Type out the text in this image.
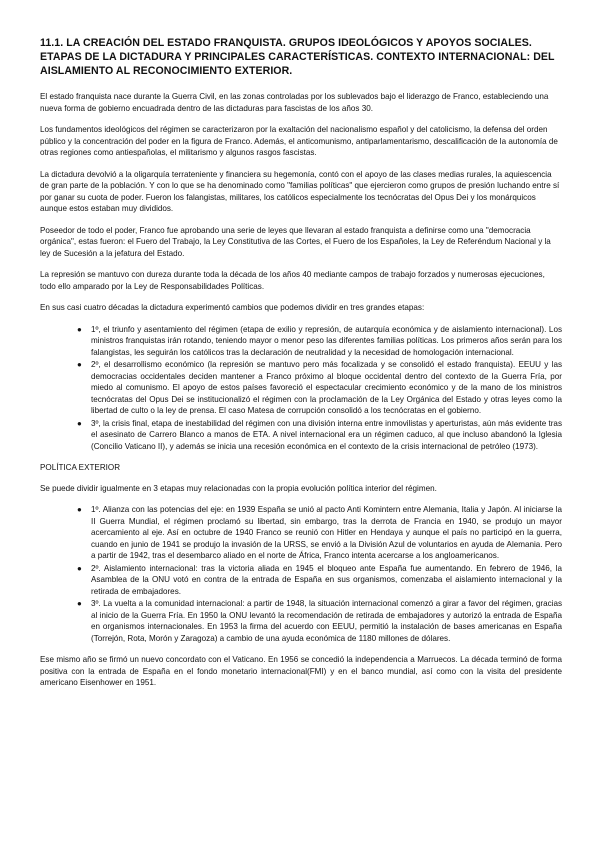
11.1. LA CREACIÓN DEL ESTADO FRANQUISTA. GRUPOS IDEOLÓGICOS Y APOYOS SOCIALES. ETAPAS DE LA DICTADURA Y PRINCIPALES CARACTERÍSTICAS. CONTEXTO INTERNACIONAL: DEL AISLAMIENTO AL RECONOCIMIENTO EXTERIOR.

El estado franquista nace durante la Guerra Civil, en las zonas controladas por los sublevados bajo el liderazgo de Franco, estableciendo una nueva forma de gobierno encuadrada dentro de las dictaduras para fascistas de los años 30.

Los fundamentos ideológicos del régimen se caracterizaron por la exaltación del nacionalismo español y del catolicismo, la defensa del orden público y la concentración del poder en la figura de Franco. Además, el anticomunismo, antiparlamentarismo, descalificación de la autonomía de otras regiones como antiespañolas, el militarismo y algunos rasgos fascistas.

La dictadura devolvió a la oligarquía terrateniente y financiera su hegemonía, contó con el apoyo de las clases medias rurales, la aquiescencia de gran parte de la población. Y con lo que se ha denominado como "familias políticas" que ejercieron como grupos de presión luchando entre sí por ganar su cuota de poder. Fueron los falangistas, militares, los católicos especialmente los tecnócratas del Opus Dei y los monárquicos aunque estos estaban muy divididos.

Poseedor de todo el poder, Franco fue aprobando una serie de leyes que llevaran al estado franquista a definirse como una "democracia orgánica", estas fueron: el Fuero del Trabajo, la Ley Constitutiva de las Cortes, el Fuero de los Españoles, la Ley de Referéndum Nacional y la ley de Sucesión a la jefatura del Estado.

La represión se mantuvo con dureza durante toda la década de los años 40 mediante campos de trabajo forzados y numerosas ejecuciones, todo ello amparado por la Ley de Responsabilidades Políticas.

En sus casi cuatro décadas la dictadura experimentó cambios que podemos dividir en tres grandes etapas:

● 1º, el triunfo y asentamiento del régimen (etapa de exilio y represión, de autarquía económica y de aislamiento internacional). Los ministros franquistas irán rotando, teniendo mayor o menor peso las diferentes familias políticas. Los primeros años serán para los falangistas, les seguirán los católicos tras la declaración de neutralidad y la necesidad de homologación internacional.
● 2º, el desarrollismo económico (la represión se mantuvo pero más focalizada y se consolidó el estado franquista). EEUU y las democracias occidentales deciden mantener a Franco próximo al bloque occidental dentro del contexto de la Guerra Fría, por miedo al comunismo. El apoyo de estos países favoreció el espectacular crecimiento económico y de la mano de los ministros tecnócratas del Opus Dei se institucionalizó el régimen con la proclamación de la Ley Orgánica del Estado y otras leyes como la libertad de culto o la ley de prensa. El caso Matesa de corrupción consolidó a los tecnócratas en el gobierno.
● 3º, la crisis final, etapa de inestabilidad del régimen con una división interna entre inmovilistas y aperturistas, aún más evidente tras el asesinato de Carrero Blanco a manos de ETA. A nivel internacional era un régimen caduco, al que incluso abandonó la Iglesia (Concilio Vaticano II), y además se inicia una recesión económica en el contexto de la crisis internacional de petróleo (1973).

POLÍTICA EXTERIOR

Se puede dividir igualmente en 3 etapas muy relacionadas con la propia evolución política interior del régimen.

● 1º. Alianza con las potencias del eje: en 1939 España se unió al pacto Anti Komintern entre Alemania, Italia y Japón. Al iniciarse la II Guerra Mundial, el régimen proclamó su libertad, sin embargo, tras la derrota de Francia en 1940, se produjo un mayor acercamiento al eje. Así en octubre de 1940 Franco se reunió con Hitler en Hendaya y aunque el país no participó en la guerra, cuando en junio de 1941 se produjo la invasión de la URSS, se envió a la División Azul de voluntarios en ayuda de Alemania. Pero a partir de 1942, tras el desembarco aliado en el norte de África, Franco intenta acercarse a los angloamericanos.
● 2º. Aislamiento internacional: tras la victoria aliada en 1945 el bloqueo ante España fue aumentando. En febrero de 1946, la Asamblea de la ONU votó en contra de la entrada de España en sus organismos, comenzaba el aislamiento internacional y la retirada de embajadores.
● 3º. La vuelta a la comunidad internacional: a partir de 1948, la situación internacional comenzó a girar a favor del régimen, gracias al inicio de la Guerra Fría. En 1950 la ONU levantó la recomendación de retirada de embajadores y autorizó la entrada de España en organismos internacionales. En 1953 la firma del acuerdo con EEUU, permitió la instalación de bases americanas en España (Torrejón, Rota, Morón y Zaragoza) a cambio de una ayuda económica de 1180 millones de dólares.

Ese mismo año se firmó un nuevo concordato con el Vaticano. En 1956 se concedió la independencia a Marruecos. La década terminó de forma positiva con la entrada de España en el fondo monetario internacional(FMI) y en el banco mundial, así como con la visita del presidente americano Eisenhower en 1951.
